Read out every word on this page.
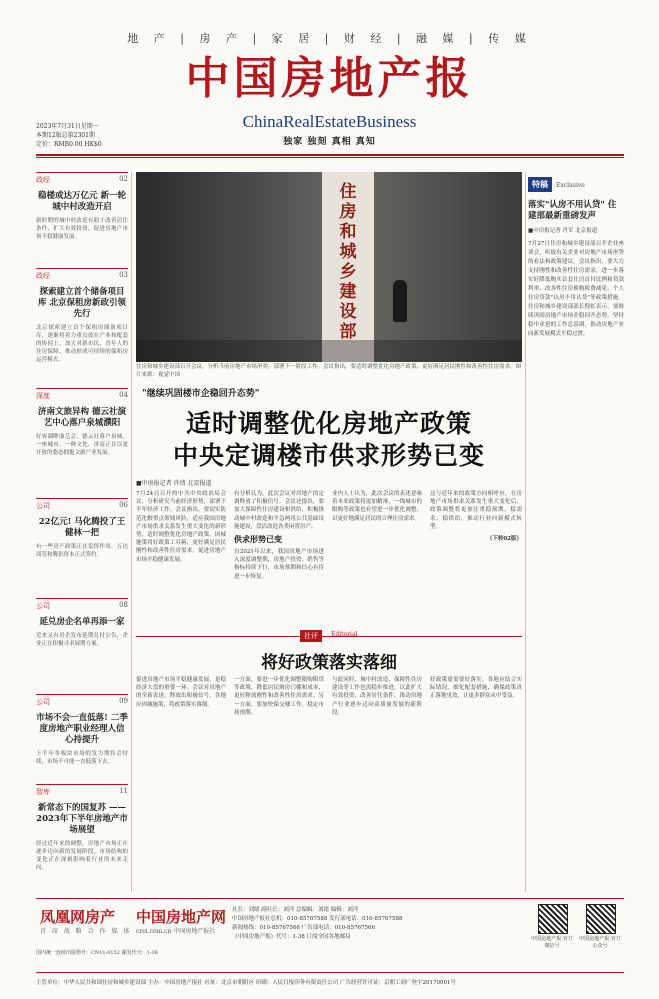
地 产 | 房 产 | 家 居 | 财 经 | 融 媒 | 传 媒
中国房地产报
ChinaRealEstateBusiness
独家 独刻 真相 真知
2023年7月31日星期一
本期12版总第2301期
定价：RMB0.00 HK$0
政经	02
稳楼或达万亿元 新一轮城中村改造开启
新时期的城中村改造有助于改善居住条件，扩大有效投资，促进房地产市场平稳健康发展。
政经	03
探索建立首个储备项目库 北京保租房新政引领先行
北京探索建立首个保租房储备项目库，逐渐将着力重点放在产业和配套的协同上，加大对新市民、青年人的住房保障，推动形成可持续的保租房运营模式。
深度	04
济南文旅异构 德云社演艺中心落户泉城濮阳
好客湖畔曲艺会，德云社落户泉城。一座城市，一种文化，济南正在以更开放的姿态拥抱文旅产业发展。
公司	06
22亿元! 马化腾投了王健林一把
有一些房产政策正在发挥作用，万达商管和腾讯资本正式签约。
公司	08
延兑房企名单再添一家
近来又有房企发布延期兑付公告，企业正在积极寻求展期方案。
公司	09
市场不会一直低落! 二季度房地产职业经理人信心持提升
下半年各板块市场的发力期将会持续，市场不可能一直低落下去。
智库	11
新常态下的国复苏 ——2023年下半年房地产市场展望
经过近年来的调整，房地产市场正在逐步迈向新的发展阶段，市场结构的变化正在深刻影响着行业的未来走向。
住房和城乡建设部
住房和城乡建设部召开会议，分析当前房地产市场形势，部署下一阶段工作。会议指出，要适时调整优化房地产政策，更好满足居民刚性和改善性住房需求。图片来源：视觉中国
"继续巩固楼市企稳回升态势"
适时调整优化房地产政策
中央定调楼市供求形势已变
■中房报记者 许倩 北京报道
7月24日召开的中共中央政治局会议，分析研究当前经济形势，部署下半年经济工作。会议指出，要切实防范化解重点领域风险，适应我国房地产市场供求关系发生重大变化的新形势，适时调整优化房地产政策，因城施策用好政策工具箱，更好满足居民刚性和改善性住房需求，促进房地产市场平稳健康发展。
有分析认为，此次会议对房地产的定调释放了积极信号。会议还提出，要加大保障性住房建设和供给，积极推动城中村改造和平急两用公共基础设施建设，盘活改造各类闲置房产。
供求形势已变
自2021年以来，我国房地产市场进入深度调整期，房地产投资、销售等指标持续下行，市场预期和信心有待进一步恢复。
业内人士认为，此次会议的表述意味着未来政策将更加精准，一线城市的限购等政策也有望进一步优化调整，以更好地满足居民的合理住房需求。
这与近年来的政策方向相呼应，在房地产市场供求关系发生重大变化后，政策调整将更加注重稳预期、稳需求、稳供给，推动行业向新模式转型。
（下转02版）
社评	Editorial
将好政策落实落细
促进房地产市场平稳健康发展，是稳经济大盘的重要一环。会议对房地产的全新表述，释放出积极信号，各地应因城施策，将政策落实落细。
一方面，要进一步优化调整限购限贷等政策，降低居民购房门槛和成本，更好释放刚性和改善性住房需求。另一方面，要加快保交楼工作，稳定市场预期。
与此同时，城中村改造、保障性住房建设等工作也需稳步推进，以此扩大有效投资，改善居住条件，推动房地产行业逐步迈向高质量发展的新阶段。
好政策更需要好落实。各地应结合实际情况，细化配套措施，确保政策真正落地见效，让更多群众从中受益。
特稿 Exclusive
落实"认房不用认贷" 住建部最新重磅发声
■中房报记者 肖军 北京报道
7月27日住房和城乡建设部召开企业座谈会，听取有关企业对房地产市场形势的看法和政策建议。会议指出，要大力支持刚性和改善性住房需求，进一步落实好降低购买首套住房首付比例和贷款利率、改善性住房换购税费减免、个人住房贷款"认房不用认贷"等政策措施。住房和城乡建设部部长倪虹表示，要继续巩固房地产市场企稳回升态势，坚持稳中求进的工作总基调，推动房地产业向新发展模式平稳过渡。
凤凰网房产
首 席 战 略 合 作 媒 体
中国房地产网
crei.com.cn 中国房地产报社
社长：刘绪 副社长：刘洋 总编辑：刘绪 编辑：刘洋
中国房地产报社总机：010-85767588 发行部电话：010-85767588
新闻热线：010-85767566 广告部电话：010-85767566
《中国房地产报》代号：1-38 订阅全国各地邮局	中国房地产报 官方微信号
中国房地产报 官方公众号
国内统一连续出版物号：CN11-0152 邮发代号：1-38
主管单位：中华人民共和国住房和城乡建设部 主办：中国房地产报社 社址：北京市朝阳区 印刷：人民日报印务有限责任公司 广告经营许可证：京朝工商广登字20170001号
